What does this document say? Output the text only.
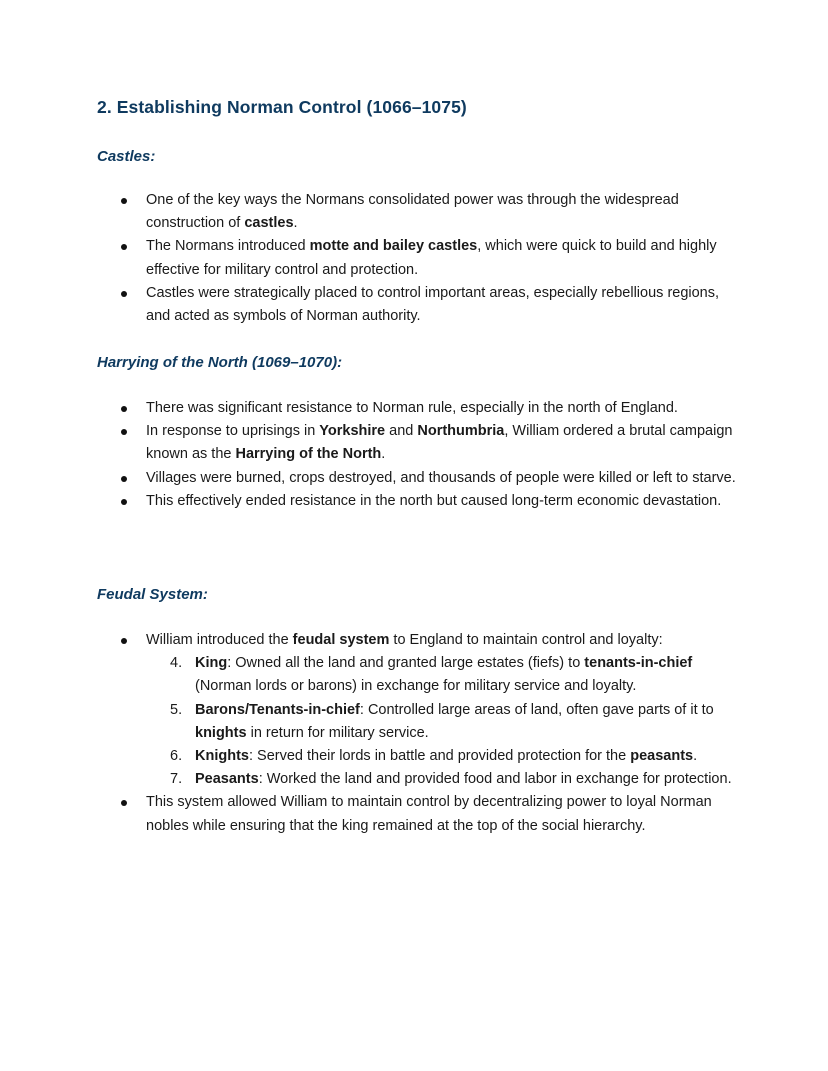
2. Establishing Norman Control (1066–1075)
Castles:
One of the key ways the Normans consolidated power was through the widespread construction of castles.
The Normans introduced motte and bailey castles, which were quick to build and highly effective for military control and protection.
Castles were strategically placed to control important areas, especially rebellious regions, and acted as symbols of Norman authority.
Harrying of the North (1069–1070):
There was significant resistance to Norman rule, especially in the north of England.
In response to uprisings in Yorkshire and Northumbria, William ordered a brutal campaign known as the Harrying of the North.
Villages were burned, crops destroyed, and thousands of people were killed or left to starve.
This effectively ended resistance in the north but caused long-term economic devastation.
Feudal System:
William introduced the feudal system to England to maintain control and loyalty:
4. King: Owned all the land and granted large estates (fiefs) to tenants-in-chief (Norman lords or barons) in exchange for military service and loyalty.
5. Barons/Tenants-in-chief: Controlled large areas of land, often gave parts of it to knights in return for military service.
6. Knights: Served their lords in battle and provided protection for the peasants.
7. Peasants: Worked the land and provided food and labor in exchange for protection.
This system allowed William to maintain control by decentralizing power to loyal Norman nobles while ensuring that the king remained at the top of the social hierarchy.
